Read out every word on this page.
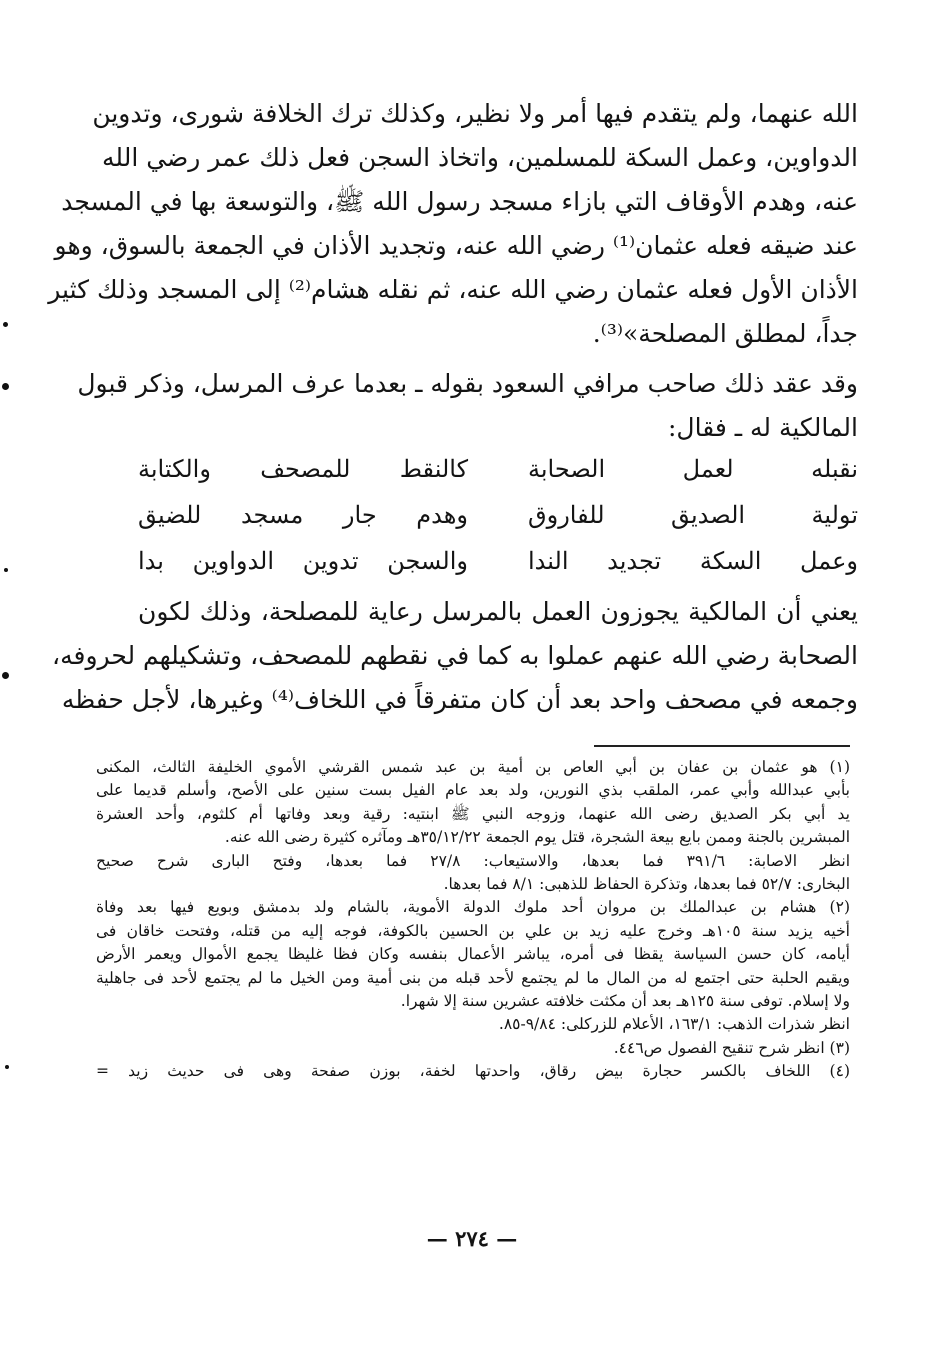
الله عنهما، ولم يتقدم فيها أمر ولا نظير، وكذلك ترك الخلافة شورى، وتدوين
الدواوين، وعمل السكة للمسلمين، واتخاذ السجن فعل ذلك عمر رضي الله
عنه، وهدم الأوقاف التي بازاء مسجد رسول الله ﷺ، والتوسعة بها في المسجد
عند ضيقه فعله عثمان⁽¹⁾ رضي الله عنه، وتجديد الأذان في الجمعة بالسوق، وهو
الأذان الأول فعله عثمان رضي الله عنه، ثم نقله هشام⁽²⁾ إلى المسجد وذلك كثير
جداً، لمطلق المصلحة»⁽³⁾.
وقد عقد ذلك صاحب مرافي السعود بقوله ـ بعدما عرف المرسل، وذكر قبول
المالكية له ـ فقال:
نقبله لعمل الصحابة
كالنقط للمصحف والكتابة
تولية الصديق للفاروق
وهدم جار مسجد للضيق
وعمل السكة تجديد الندا
والسجن تدوين الدواوين بدا
يعني أن المالكية يجوزون العمل بالمرسل رعاية للمصلحة، وذلك لكون
الصحابة رضي الله عنهم عملوا به كما في نقطهم للمصحف، وتشكيلهم لحروفه،
وجمعه في مصحف واحد بعد أن كان متفرقاً في اللخاف⁽⁴⁾ وغيرها، لأجل حفظه
(١) هو عثمان بن عفان بن أبي العاص بن أمية بن عبد شمس القرشي الأموي الخليفة الثالث، المكنى
بأبي عبدالله وأبي عمر، الملقب بذي النورين، ولد بعد عام الفيل بست سنين على الأصح، وأسلم قديما على
يد أبي بكر الصديق رضى الله عنهما، وزوجه النبي ﷺ ابنتيه: رقية وبعد وفاتها أم كلثوم، وأحد العشرة
المبشرين بالجنة وممن بايع بيعة الشجرة، قتل يوم الجمعة ٣٥/١٢/٢٢هـ ومآثره كثيرة رضى الله عنه.
انظر الاصابة: ٣٩١/٦ فما بعدها، والاستيعاب: ٢٧/٨ فما بعدها، وفتح البارى شرح صحيح
البخارى: ٥٢/٧ فما بعدها، وتذكرة الحفاظ للذهبى: ٨/١ فما بعدها.
(٢) هشام بن عبدالملك بن مروان أحد ملوك الدولة الأموية، بالشام ولد بدمشق وبويع فيها بعد وفاة
أخيه يزيد سنة ١٠٥هـ وخرج عليه زيد بن علي بن الحسين بالكوفة، فوجه إليه من قتله، وفتحت خاقان فى
أيامه، كان حسن السياسة يقظا فى أمره، يباشر الأعمال بنفسه وكان فظا غليظا يجمع الأموال ويعمر الأرض
ويقيم الحلبة حتى اجتمع له من المال ما لم يجتمع لأحد قبله من بنى أمية ومن الخيل ما لم يجتمع لأحد فى جاهلية
ولا إسلام. توفى سنة ١٢٥هـ بعد أن مكثت خلافته عشرين سنة إلا شهرا.
انظر شذرات الذهب: ١٦٣/١، الأعلام للزركلى: ٩/٨٤-٨٥.
(٣) انظر شرح تنقيح الفصول ص٤٤٦.
(٤) اللخاف بالكسر حجارة بيض رقاق، واحدتها لخفة، بوزن صفحة وهى فى حديث زيد =
— ٢٧٤ —
